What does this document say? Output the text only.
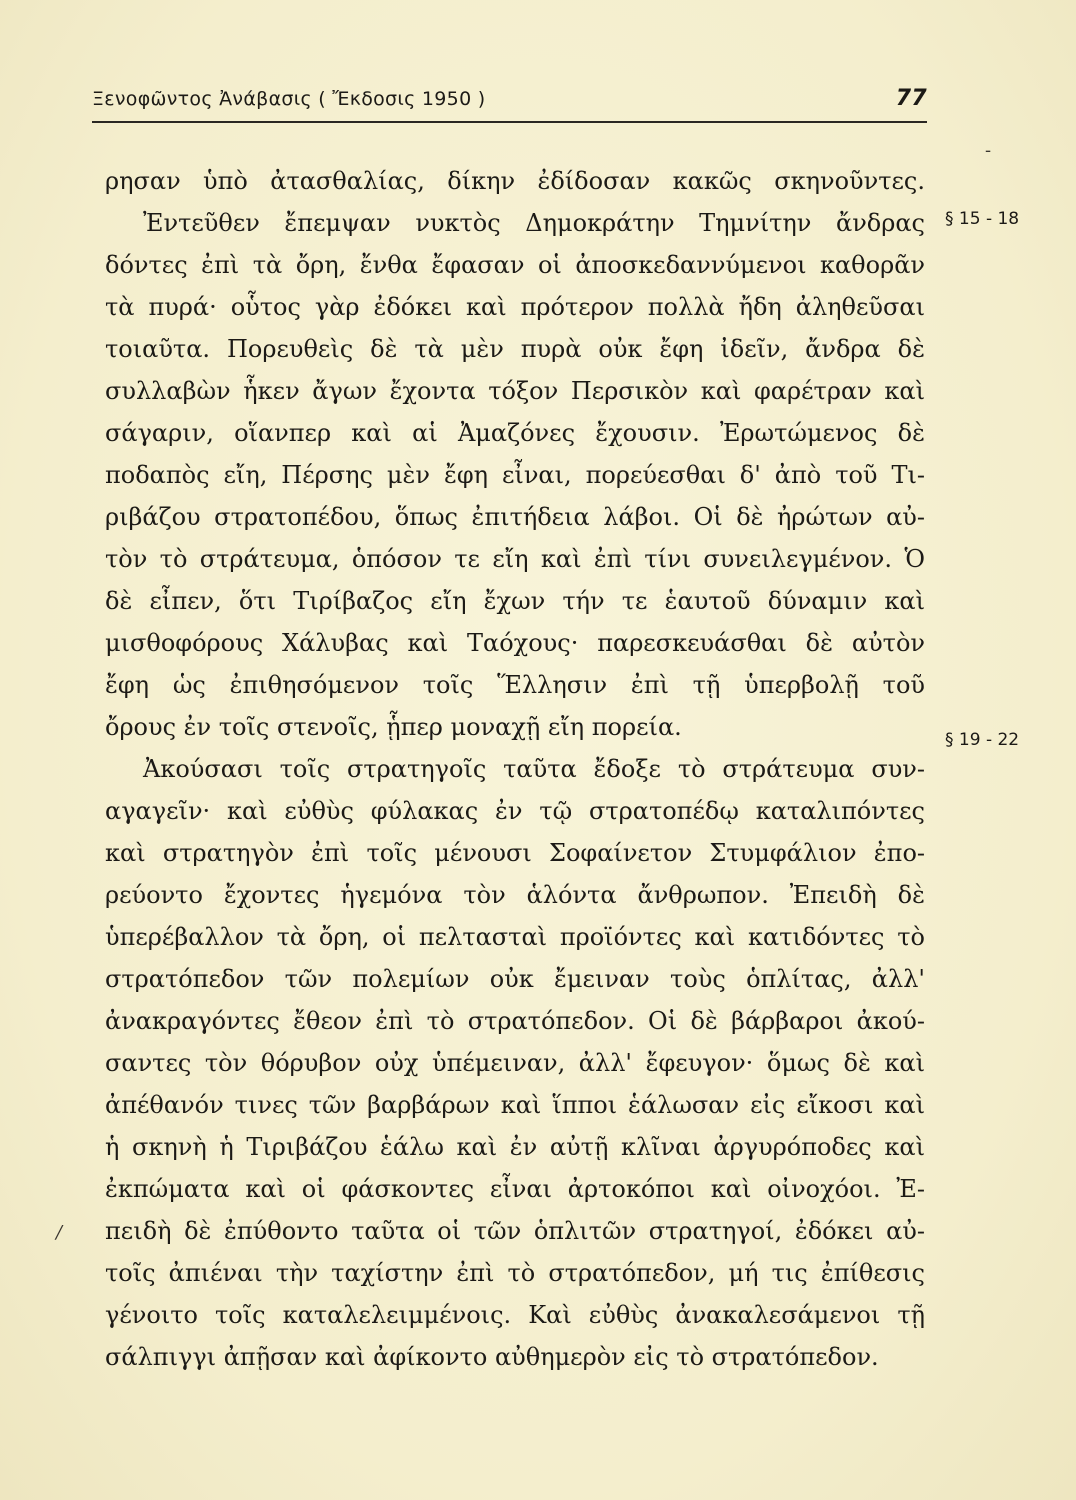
Ξενοφῶντος Ἀνάβασις ( Ἔκδοσις 1950 )	77
ρησαν ὑπὸ ἀτασθαλίας, δίκην ἐδίδοσαν κακῶς σκηνοῦντες.
Ἐντεῦθεν ἔπεμψαν νυκτὸς Δημοκράτην Τημνίτην ἄνδρας
δόντες ἐπὶ τὰ ὄρη, ἔνθα ἔφασαν οἱ ἀποσκεδαννύμενοι καθορᾶν
τὰ πυρά· οὗτος γὰρ ἐδόκει καὶ πρότερον πολλὰ ἤδη ἀληθεῦσαι
τοιαῦτα. Πορευθεὶς δὲ τὰ μὲν πυρὰ οὐκ ἔφη ἰδεῖν, ἄνδρα δὲ
συλλαβὼν ἧκεν ἄγων ἔχοντα τόξον Περσικὸν καὶ φαρέτραν καὶ
σάγαριν, οἵανπερ καὶ αἱ Ἀμαζόνες ἔχουσιν. Ἐρωτώμενος δὲ
ποδαπὸς εἴη, Πέρσης μὲν ἔφη εἶναι, πορεύεσθαι δ' ἀπὸ τοῦ Τι-
ριβάζου στρατοπέδου, ὅπως ἐπιτήδεια λάβοι. Οἱ δὲ ἠρώτων αὐ-
τὸν τὸ στράτευμα, ὁπόσον τε εἴη καὶ ἐπὶ τίνι συνειλεγμένον. Ὁ
δὲ εἶπεν, ὅτι Τιρίβαζος εἴη ἔχων τήν τε ἑαυτοῦ δύναμιν καὶ
μισθοφόρους Χάλυβας καὶ Ταόχους· παρεσκευάσθαι δὲ αὐτὸν
ἔφη ὡς ἐπιθησόμενον τοῖς Ἕλλησιν ἐπὶ τῇ ὑπερβολῇ τοῦ
ὄρους ἐν τοῖς στενοῖς, ᾗπερ μοναχῇ εἴη πορεία.
Ἀκούσασι τοῖς στρατηγοῖς ταῦτα ἔδοξε τὸ στράτευμα συν-
αγαγεῖν· καὶ εὐθὺς φύλακας ἐν τῷ στρατοπέδῳ καταλιπόντες
καὶ στρατηγὸν ἐπὶ τοῖς μένουσι Σοφαίνετον Στυμφάλιον ἐπο-
ρεύοντο ἔχοντες ἡγεμόνα τὸν ἁλόντα ἄνθρωπον. Ἐπειδὴ δὲ
ὑπερέβαλλον τὰ ὄρη, οἱ πελτασταὶ προϊόντες καὶ κατιδόντες τὸ
στρατόπεδον τῶν πολεμίων οὐκ ἔμειναν τοὺς ὁπλίτας, ἀλλ'
ἀνακραγόντες ἔθεον ἐπὶ τὸ στρατόπεδον. Οἱ δὲ βάρβαροι ἀκού-
σαντες τὸν θόρυβον οὐχ ὑπέμειναν, ἀλλ' ἔφευγον· ὅμως δὲ καὶ
ἀπέθανόν τινες τῶν βαρβάρων καὶ ἵπποι ἑάλωσαν εἰς εἴκοσι καὶ
ἡ σκηνὴ ἡ Τιριβάζου ἑάλω καὶ ἐν αὐτῇ κλῖναι ἀργυρόποδες καὶ
ἐκπώματα καὶ οἱ φάσκοντες εἶναι ἀρτοκόποι καὶ οἰνοχόοι. Ἐ-
πειδὴ δὲ ἐπύθοντο ταῦτα οἱ τῶν ὁπλιτῶν στρατηγοί, ἐδόκει αὐ-
τοῖς ἀπιέναι τὴν ταχίστην ἐπὶ τὸ στρατόπεδον, μή τις ἐπίθεσις
γένοιτο τοῖς καταλελειμμένοις. Καὶ εὐθὺς ἀνακαλεσάμενοι τῇ
σάλπιγγι ἀπῇσαν καὶ ἀφίκοντο αὐθημερὸν εἰς τὸ στρατόπεδον.
§ 15 - 18
§ 19 - 22
-
/
